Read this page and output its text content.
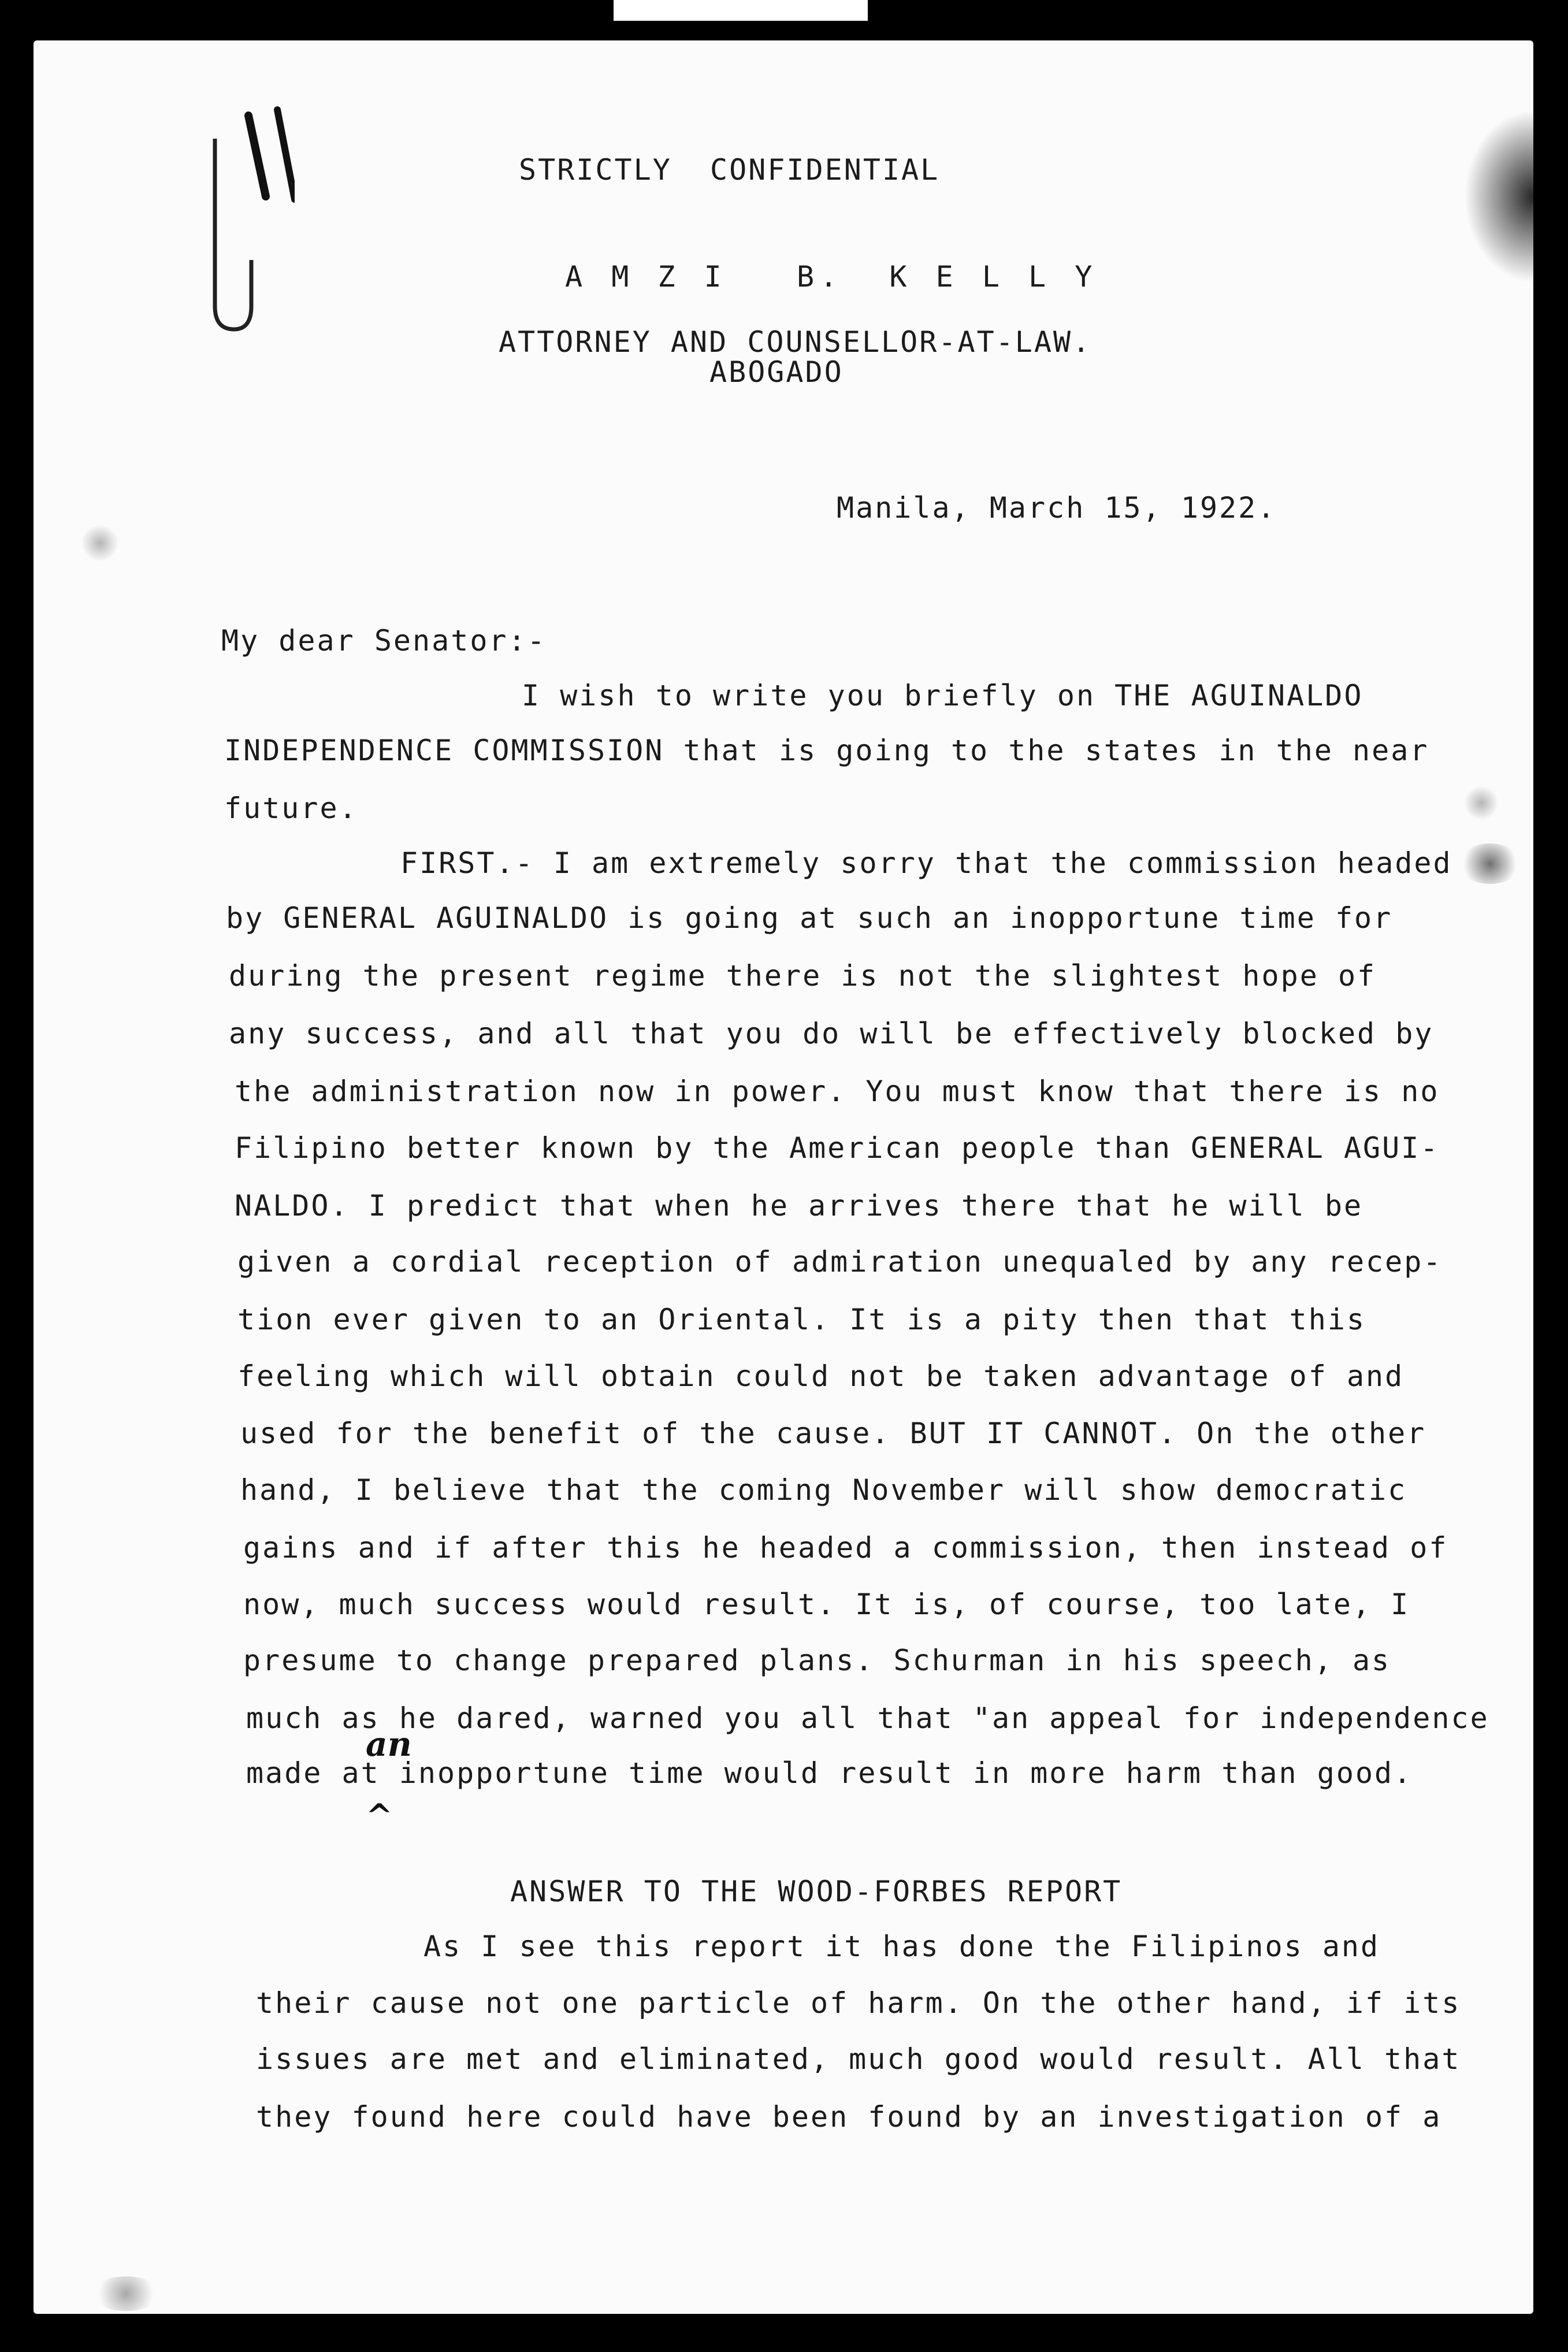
STRICTLY  CONFIDENTIAL

A M Z I   B.  K E L L Y

ATTORNEY AND COUNSELLOR-AT-LAW.

ABOGADO

Manila, March 15, 1922.

My dear Senator:-

I wish to write you briefly on THE AGUINALDO

INDEPENDENCE COMMISSION that is going to the states in the near

future.

FIRST.- I am extremely sorry that the commission headed

by GENERAL AGUINALDO is going at such an inopportune time for

during the present regime there is not the slightest hope of

any success, and all that you do will be effectively blocked by

the administration now in power. You must know that there is no

Filipino better known by the American people than GENERAL AGUI-

NALDO. I predict that when he arrives there that he will be

given a cordial reception of admiration unequaled by any recep-

tion ever given to an Oriental. It is a pity then that this

feeling which will obtain could not be taken advantage of and

used for the benefit of the cause. BUT IT CANNOT. On the other

hand, I believe that the coming November will show democratic

gains and if after this he headed a commission, then instead of

now, much success would result. It is, of course, too late, I

presume to change prepared plans. Schurman in his speech, as

much as he dared, warned you all that "an appeal for independence

made at inopportune time would result in more harm than good.

an
^

ANSWER TO THE WOOD-FORBES REPORT

As I see this report it has done the Filipinos and

their cause not one particle of harm. On the other hand, if its

issues are met and eliminated, much good would result. All that

they found here could have been found by an investigation of a
